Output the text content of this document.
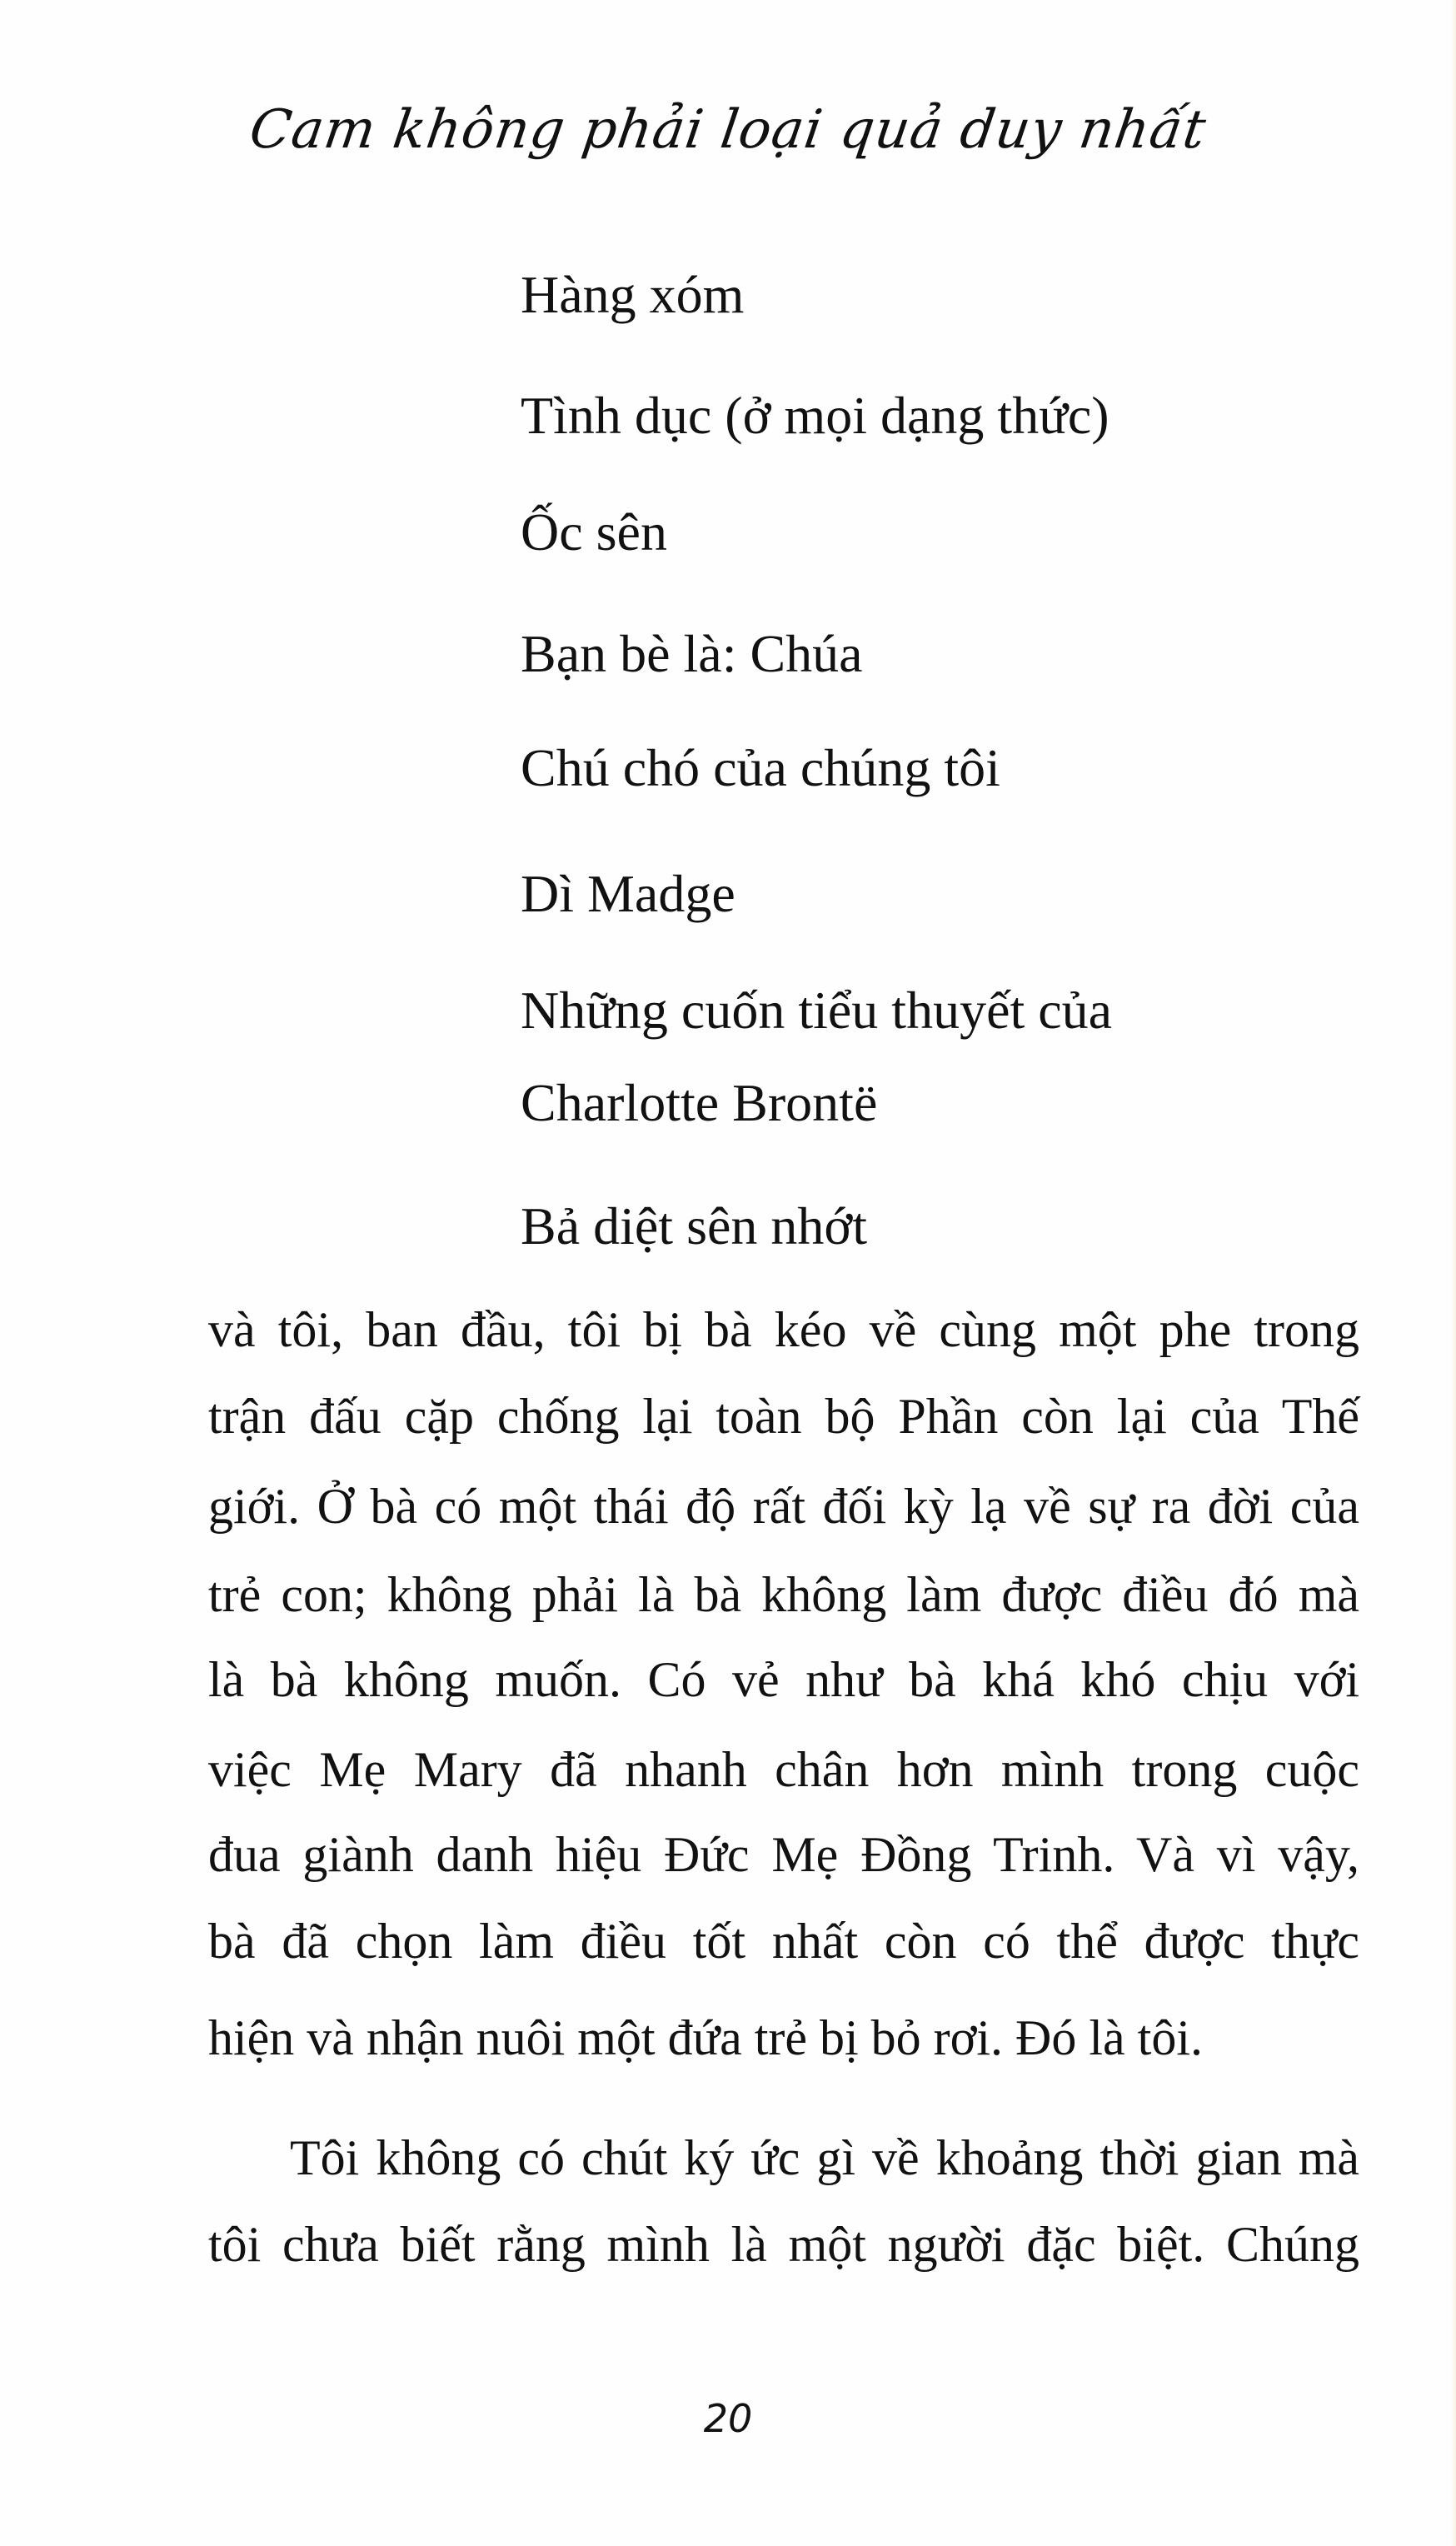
Cam không phải loại quả duy nhất
Hàng xóm
Tình dục (ở mọi dạng thức)
Ốc sên
Bạn bè là: Chúa
Chú chó của chúng tôi
Dì Madge
Những cuốn tiểu thuyết của
Charlotte Brontë
Bả diệt sên nhớt
và tôi, ban đầu, tôi bị bà kéo về cùng một phe trong
trận đấu cặp chống lại toàn bộ Phần còn lại của Thế
giới. Ở bà có một thái độ rất đối kỳ lạ về sự ra đời của
trẻ con; không phải là bà không làm được điều đó mà
là bà không muốn. Có vẻ như bà khá khó chịu với
việc Mẹ Mary đã nhanh chân hơn mình trong cuộc
đua giành danh hiệu Đức Mẹ Đồng Trinh. Và vì vậy,
bà đã chọn làm điều tốt nhất còn có thể được thực
hiện và nhận nuôi một đứa trẻ bị bỏ rơi. Đó là tôi.
Tôi không có chút ký ức gì về khoảng thời gian mà
tôi chưa biết rằng mình là một người đặc biệt. Chúng
20
